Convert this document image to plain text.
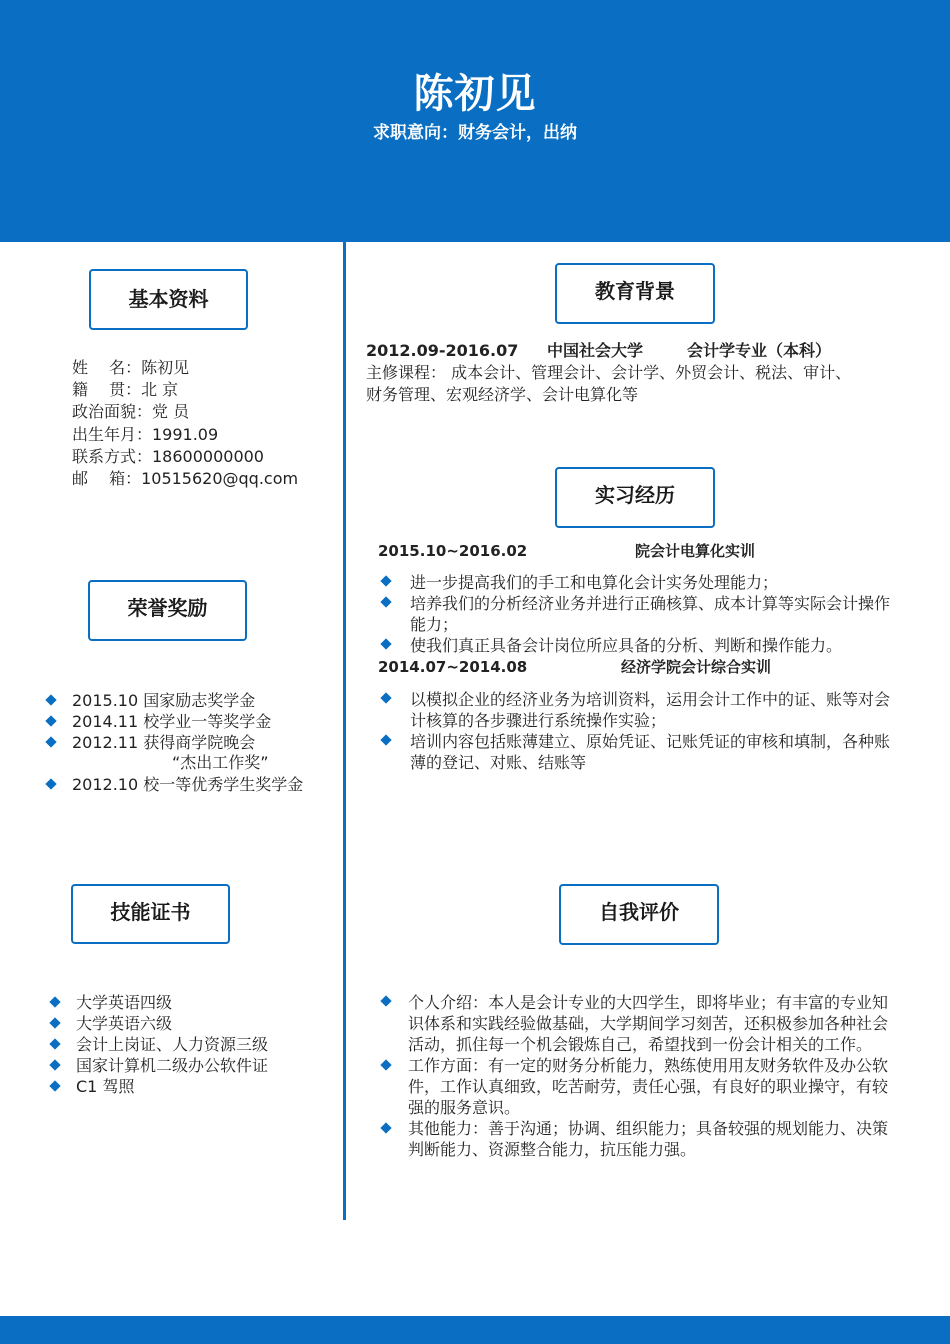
陈初见
求职意向：财务会计，出纳
基本资料
姓　 名：陈初见
籍　 贯：北 京
政治面貌：党 员
出生年月：1991.09
联系方式：18600000000
邮　 箱：10515620@qq.com
荣誉奖励
2015.10 国家励志奖学金
2014.11 校学业一等奖学金
2012.11 获得商学院晚会
“杰出工作奖”
2012.10 校一等优秀学生奖学金
技能证书
大学英语四级
大学英语六级
会计上岗证、人力资源三级
国家计算机二级办公软件证
C1 驾照
教育背景
2012.09-2016.07 中国社会大学	会计学专业（本科）
主修课程： 成本会计、管理会计、会计学、外贸会计、税法、审计、
财务管理、宏观经济学、会计电算化等
实习经历
2015.10~2016.02	院会计电算化实训
进一步提高我们的手工和电算化会计实务处理能力；
培养我们的分析经济业务并进行正确核算、成本计算等实际会计操作能力；
使我们真正具备会计岗位所应具备的分析、判断和操作能力。
2014.07~2014.08	经济学院会计综合实训
以模拟企业的经济业务为培训资料，运用会计工作中的证、账等对会计核算的各步骤进行系统操作实验；
培训内容包括账薄建立、原始凭证、记账凭证的审核和填制，各种账薄的登记、对账、结账等
自我评价
个人介绍：本人是会计专业的大四学生，即将毕业；有丰富的专业知识体系和实践经验做基础，大学期间学习刻苦，还积极参加各种社会活动，抓住每一个机会锻炼自己，希望找到一份会计相关的工作。
工作方面：有一定的财务分析能力，熟练使用用友财务软件及办公软件，工作认真细致，吃苦耐劳，责任心强，有良好的职业操守，有较强的服务意识。
其他能力：善于沟通；协调、组织能力；具备较强的规划能力、决策判断能力、资源整合能力，抗压能力强。
